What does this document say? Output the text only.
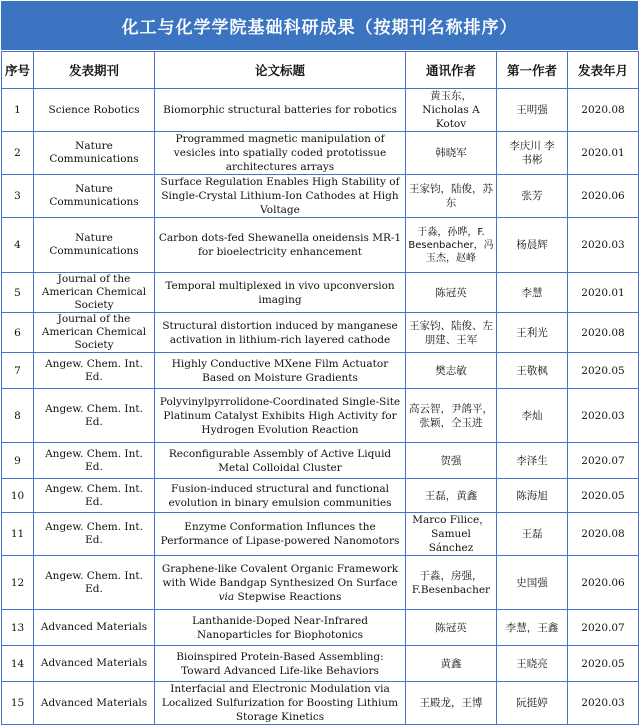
化工与化学学院基础科研成果（按期刊名称排序）
序号	发表期刊	论文标题	通讯作者	第一作者	发表年月
1	Science Robotics	Biomorphic structural batteries for robotics	黄玉东，Nicholas A Kotov	王明强	2020.08
2	Nature Communications	Programmed magnetic manipulation of vesicles into spatially coded prototissue architectures arrays	韩晓军	李庆川 李书彬	2020.01
3	Nature Communications	Surface Regulation Enables High Stability of Single-Crystal Lithium-Ion Cathodes at High Voltage	王家钧，陆俊，苏东	张芳	2020.06
4	Nature Communications	Carbon dots-fed Shewanella oneidensis MR-1 for bioelectricity enhancement	于淼，孙晔，F. Besenbacher，冯玉杰，赵峰	杨晨辉	2020.03
5	Journal of the American Chemical Society	Temporal multiplexed in vivo upconversion imaging	陈冠英	李慧	2020.01
6	Journal of the American Chemical Society	Structural distortion induced by manganese activation in lithium-rich layered cathode	王家钧、陆俊、左朋建、王军	王利光	2020.08
7	Angew. Chem. Int. Ed.	Highly Conductive MXene Film Actuator Based on Moisture Gradients	樊志敏	王敬枫	2020.05
8	Angew. Chem. Int. Ed.	Polyvinylpyrrolidone-Coordinated Single-Site Platinum Catalyst Exhibits High Activity for Hydrogen Evolution Reaction	高云智，尹鸽平，张颖，仝玉进	李灿	2020.03
9	Angew. Chem. Int. Ed.	Reconfigurable Assembly of Active Liquid Metal Colloidal Cluster	贺强	李泽生	2020.07
10	Angew. Chem. Int. Ed.	Fusion-induced structural and functional evolution in binary emulsion communities	王磊，黄鑫	陈海旭	2020.05
11	Angew. Chem. Int. Ed.	Enzyme Conformation Influnces the Performance of Lipase-powered Nanomotors	Marco Filice，Samuel Sánchez	王磊	2020.08
12	Angew. Chem. Int. Ed.	Graphene-like Covalent Organic Framework with Wide Bandgap Synthesized On Surface via Stepwise Reactions	于淼，房强，F.Besenbacher	史国强	2020.06
13	Advanced Materials	Lanthanide-Doped Near-Infrared Nanoparticles for Biophotonics	陈冠英	李慧，王鑫	2020.07
14	Advanced Materials	Bioinspired Protein-Based Assembling: Toward Advanced Life-like Behaviors	黄鑫	王晓亮	2020.05
15	Advanced Materials	Interfacial and Electronic Modulation via Localized Sulfurization for Boosting Lithium Storage Kinetics	王殿龙，王博	阮挺婷	2020.03
